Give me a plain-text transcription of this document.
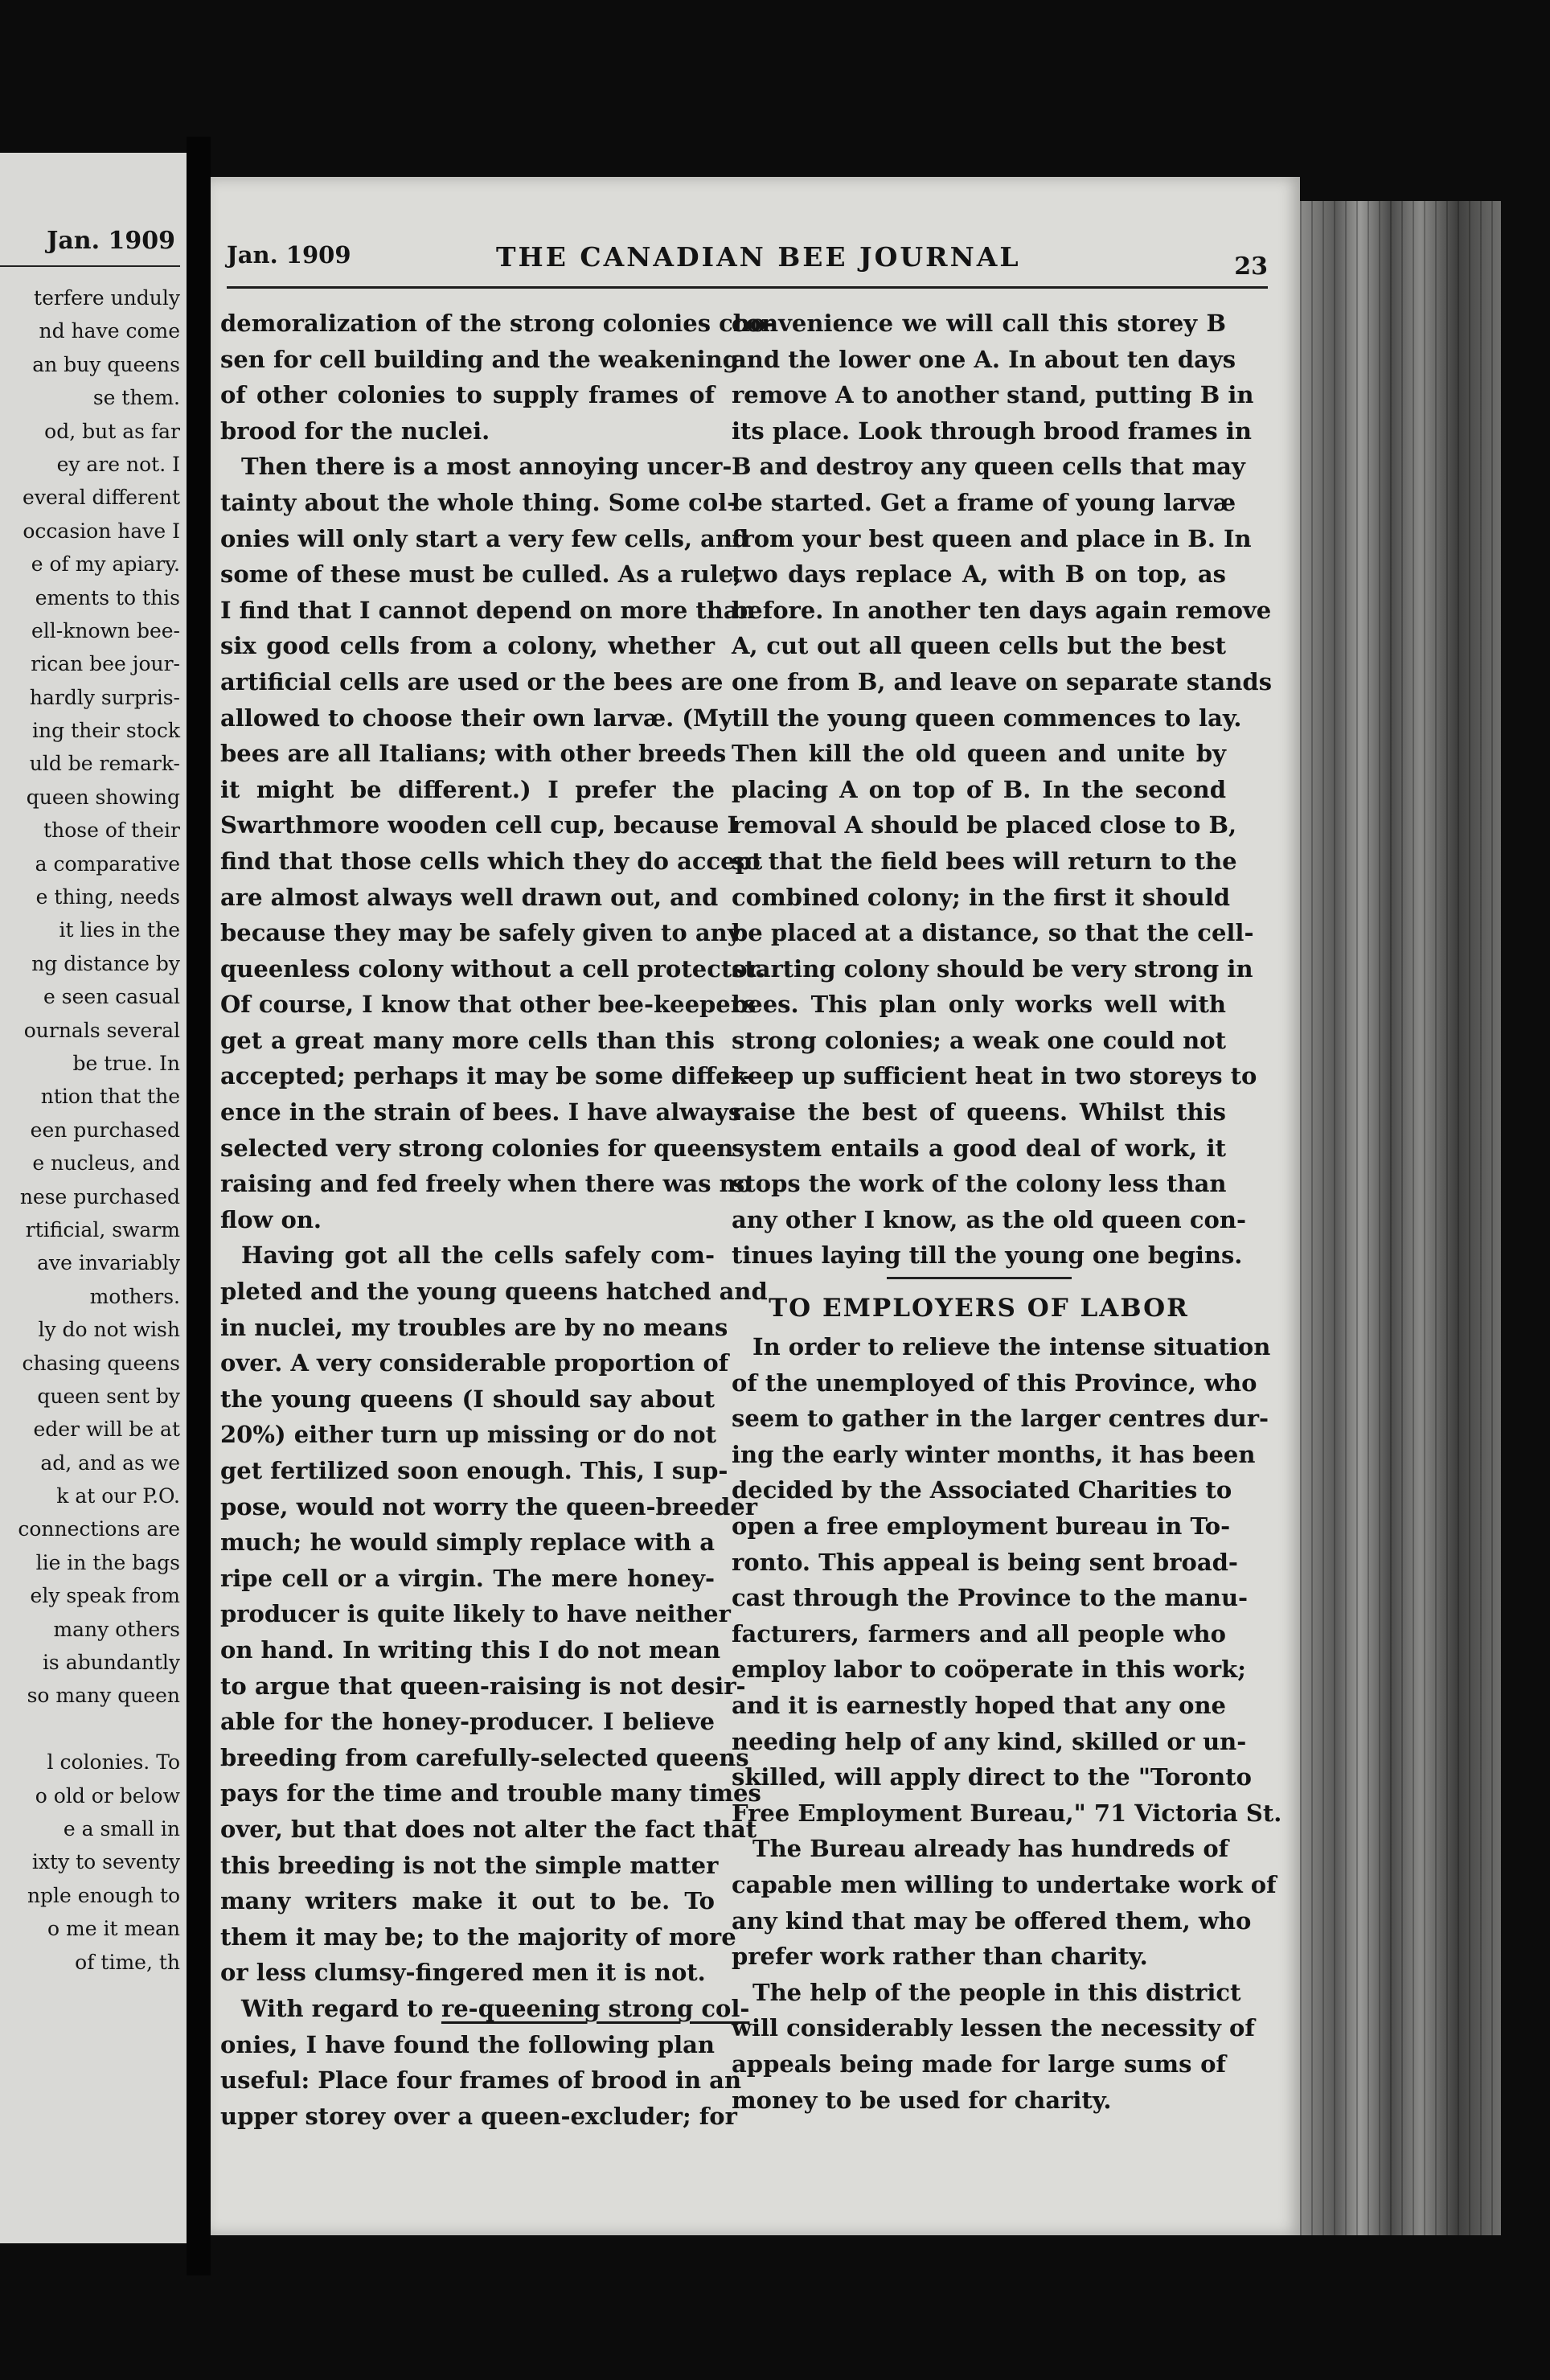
Jan. 1909
terfere unduly
nd have come
an buy queens
se them.
od, but as far
ey are not. I
everal different
occasion have I
e of my apiary.
ements to this
ell-known bee-
rican bee jour-
hardly surpris-
ing their stock
uld be remark-
queen showing
those of their
a comparative
e thing, needs
it lies in the
ng distance by
e seen casual
ournals several
be true. In
ntion that the
een purchased
e nucleus, and
nese purchased
rtificial, swarm
ave invariably
mothers.
ly do not wish
chasing queens
queen sent by
eder will be at
ad, and as we
k at our P.O.
connections are
lie in the bags
ely speak from
many others
is abundantly
so many queen
l colonies. To
o old or below
e a small in
ixty to seventy
nple enough to
o me it mean
of time, th
Jan. 1909	THE CANADIAN BEE JOURNAL	23
demoralization of the strong colonies cho-
sen for cell building and the weakening
of other colonies to supply frames of
brood for the nuclei.
Then there is a most annoying uncer-
tainty about the whole thing. Some col-
onies will only start a very few cells, and
some of these must be culled. As a rule,
I find that I cannot depend on more than
six good cells from a colony, whether
artificial cells are used or the bees are
allowed to choose their own larvæ. (My
bees are all Italians; with other breeds
it might be different.) I prefer the
Swarthmore wooden cell cup, because I
find that those cells which they do accept
are almost always well drawn out, and
because they may be safely given to any
queenless colony without a cell protector.
Of course, I know that other bee-keepers
get a great many more cells than this
accepted; perhaps it may be some differ-
ence in the strain of bees. I have always
selected very strong colonies for queen-
raising and fed freely when there was no
flow on.
Having got all the cells safely com-
pleted and the young queens hatched and
in nuclei, my troubles are by no means
over. A very considerable proportion of
the young queens (I should say about
20%) either turn up missing or do not
get fertilized soon enough. This, I sup-
pose, would not worry the queen-breeder
much; he would simply replace with a
ripe cell or a virgin. The mere honey-
producer is quite likely to have neither
on hand. In writing this I do not mean
to argue that queen-raising is not desir-
able for the honey-producer. I believe
breeding from carefully-selected queens
pays for the time and trouble many times
over, but that does not alter the fact that
this breeding is not the simple matter
many writers make it out to be. To
them it may be; to the majority of more
or less clumsy-fingered men it is not.
With regard to re-queening strong col-
onies, I have found the following plan
useful: Place four frames of brood in an
upper storey over a queen-excluder; for
convenience we will call this storey B
and the lower one A. In about ten days
remove A to another stand, putting B in
its place. Look through brood frames in
B and destroy any queen cells that may
be started. Get a frame of young larvæ
from your best queen and place in B. In
two days replace A, with B on top, as
before. In another ten days again remove
A, cut out all queen cells but the best
one from B, and leave on separate stands
till the young queen commences to lay.
Then kill the old queen and unite by
placing A on top of B. In the second
removal A should be placed close to B,
so that the field bees will return to the
combined colony; in the first it should
be placed at a distance, so that the cell-
starting colony should be very strong in
bees. This plan only works well with
strong colonies; a weak one could not
keep up sufficient heat in two storeys to
raise the best of queens. Whilst this
system entails a good deal of work, it
stops the work of the colony less than
any other I know, as the old queen con-
tinues laying till the young one begins.
TO EMPLOYERS OF LABOR
In order to relieve the intense situation
of the unemployed of this Province, who
seem to gather in the larger centres dur-
ing the early winter months, it has been
decided by the Associated Charities to
open a free employment bureau in To-
ronto. This appeal is being sent broad-
cast through the Province to the manu-
facturers, farmers and all people who
employ labor to coöperate in this work;
and it is earnestly hoped that any one
needing help of any kind, skilled or un-
skilled, will apply direct to the "Toronto
Free Employment Bureau," 71 Victoria St.
The Bureau already has hundreds of
capable men willing to undertake work of
any kind that may be offered them, who
prefer work rather than charity.
The help of the people in this district
will considerably lessen the necessity of
appeals being made for large sums of
money to be used for charity.
